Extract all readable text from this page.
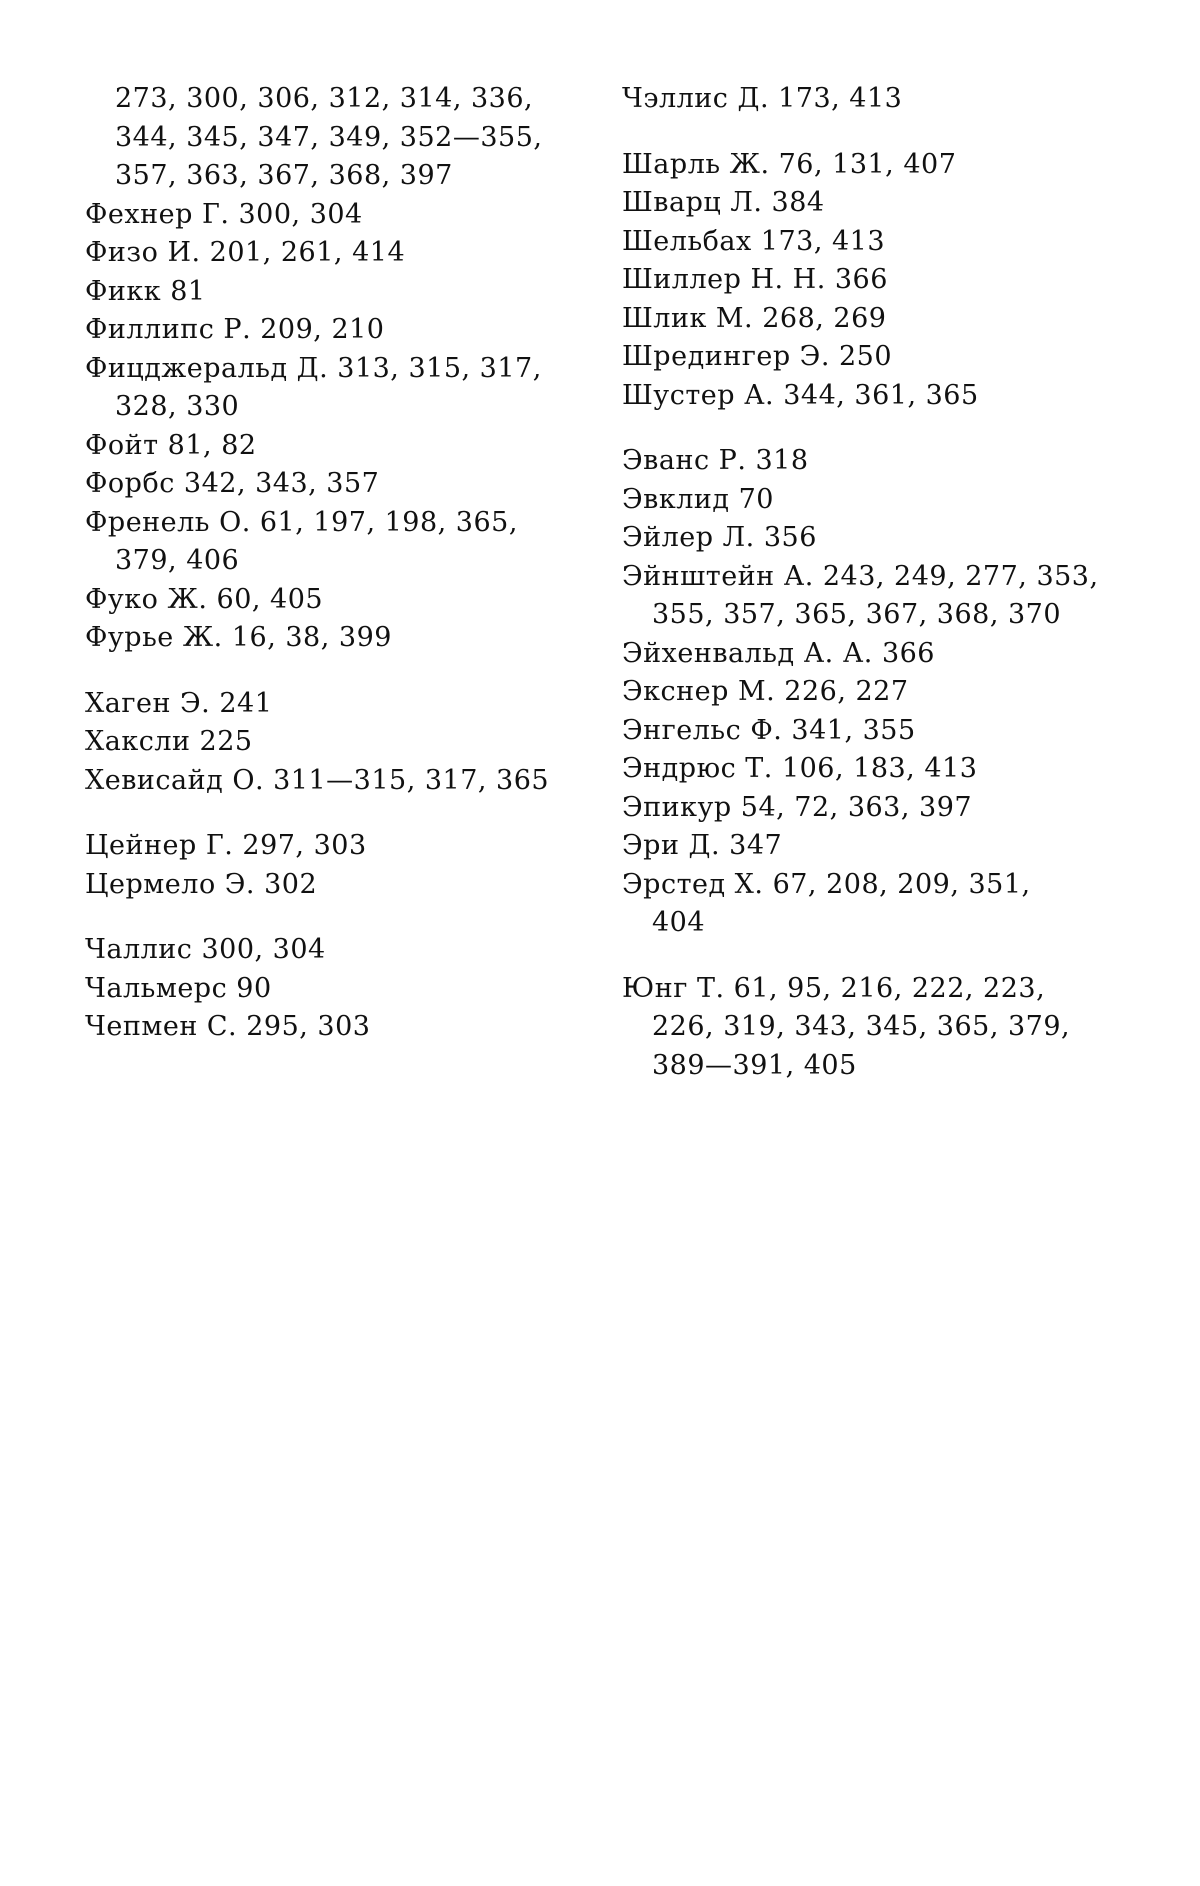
273, 300, 306, 312, 314, 336,
344, 345, 347, 349, 352—355,
357, 363, 367, 368, 397
Фехнер Г. 300, 304
Физо И. 201, 261, 414
Фикк 81
Филлипс Р. 209, 210
Фицджеральд Д. 313, 315, 317,
328, 330
Фойт 81, 82
Форбс 342, 343, 357
Френель О. 61, 197, 198, 365,
379, 406
Фуко Ж. 60, 405
Фурье Ж. 16, 38, 399
Хаген Э. 241
Хаксли 225
Хевисайд О. 311—315, 317, 365
Цейнер Г. 297, 303
Цермело Э. 302
Чаллис 300, 304
Чальмерс 90
Чепмен С. 295, 303
Чэллис Д. 173, 413
Шарль Ж. 76, 131, 407
Шварц Л. 384
Шельбах 173, 413
Шиллер Н. Н. 366
Шлик М. 268, 269
Шредингер Э. 250
Шустер А. 344, 361, 365
Эванс Р. 318
Эвклид 70
Эйлер Л. 356
Эйнштейн А. 243, 249, 277, 353,
355, 357, 365, 367, 368, 370
Эйхенвальд А. А. 366
Экснер М. 226, 227
Энгельс Ф. 341, 355
Эндрюс Т. 106, 183, 413
Эпикур 54, 72, 363, 397
Эри Д. 347
Эрстед Х. 67, 208, 209, 351,
404
Юнг Т. 61, 95, 216, 222, 223,
226, 319, 343, 345, 365, 379,
389—391, 405
